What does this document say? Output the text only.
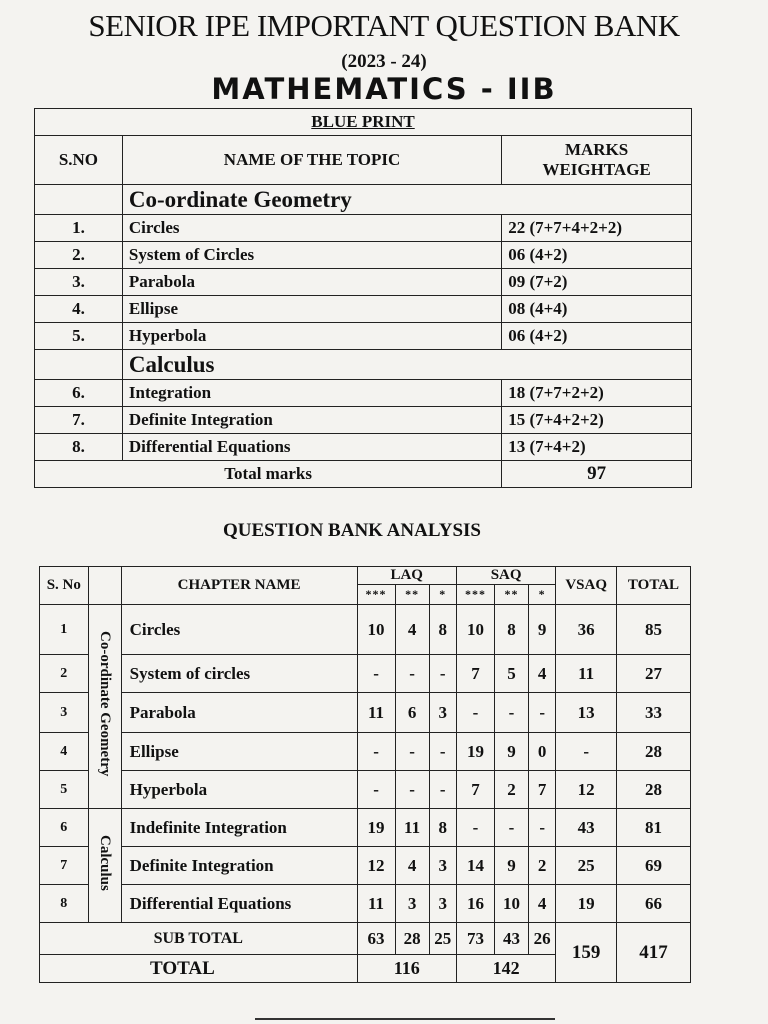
SENIOR IPE IMPORTANT QUESTION BANK
(2023 - 24)
MATHEMATICS - IIB
BLUE PRINT		
S.NO	NAME OF THE TOPIC	MARKS
WEIGHTAGE

	Co-ordinate Geometry	
1.	Circles	22 (7+7+4+2+2)
2.	System of Circles	06 (4+2)
3.	Parabola	09 (7+2)
4.	Ellipse	08 (4+4)
5.	Hyperbola	06 (4+2)
	Calculus	
6.	Integration	18 (7+7+2+2)
7.	Definite Integration	15 (7+4+2+2)
8.	Differential Equations	13 (7+4+2)
Total marks		97
QUESTION BANK ANALYSIS
S. No		CHAPTER NAME	LAQ			SAQ			VSAQ	TOTAL
			***	**	*	***	**	*		
1	Co-ordinate Geometry	Circles	10	4	8	10	8	9	36	85
2		System of circles	-	-	-	7	5	4	11	27
3		Parabola	11	6	3	-	-	-	13	33
4		Ellipse	-	-	-	19	9	0	-	28
5		Hyperbola	-	-	-	7	2	7	12	28
6	Calculus	Indefinite Integration	19	11	8	-	-	-	43	81
7		Definite Integration	12	4	3	14	9	2	25	69
8		Differential Equations	11	3	3	16	10	4	19	66
SUB TOTAL			63	28	25	73	43	26	159	417
TOTAL			116			142				
